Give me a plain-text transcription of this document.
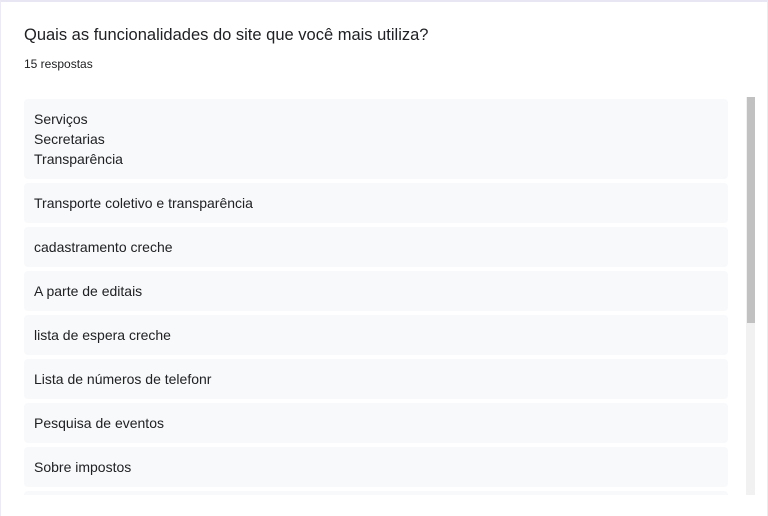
Quais as funcionalidades do site que você mais utiliza?
15 respostas
Serviços
Secretarias
Transparência
Transporte coletivo e transparência
cadastramento creche
A parte de editais
lista de espera creche
Lista de números de telefonr
Pesquisa de eventos
Sobre impostos
